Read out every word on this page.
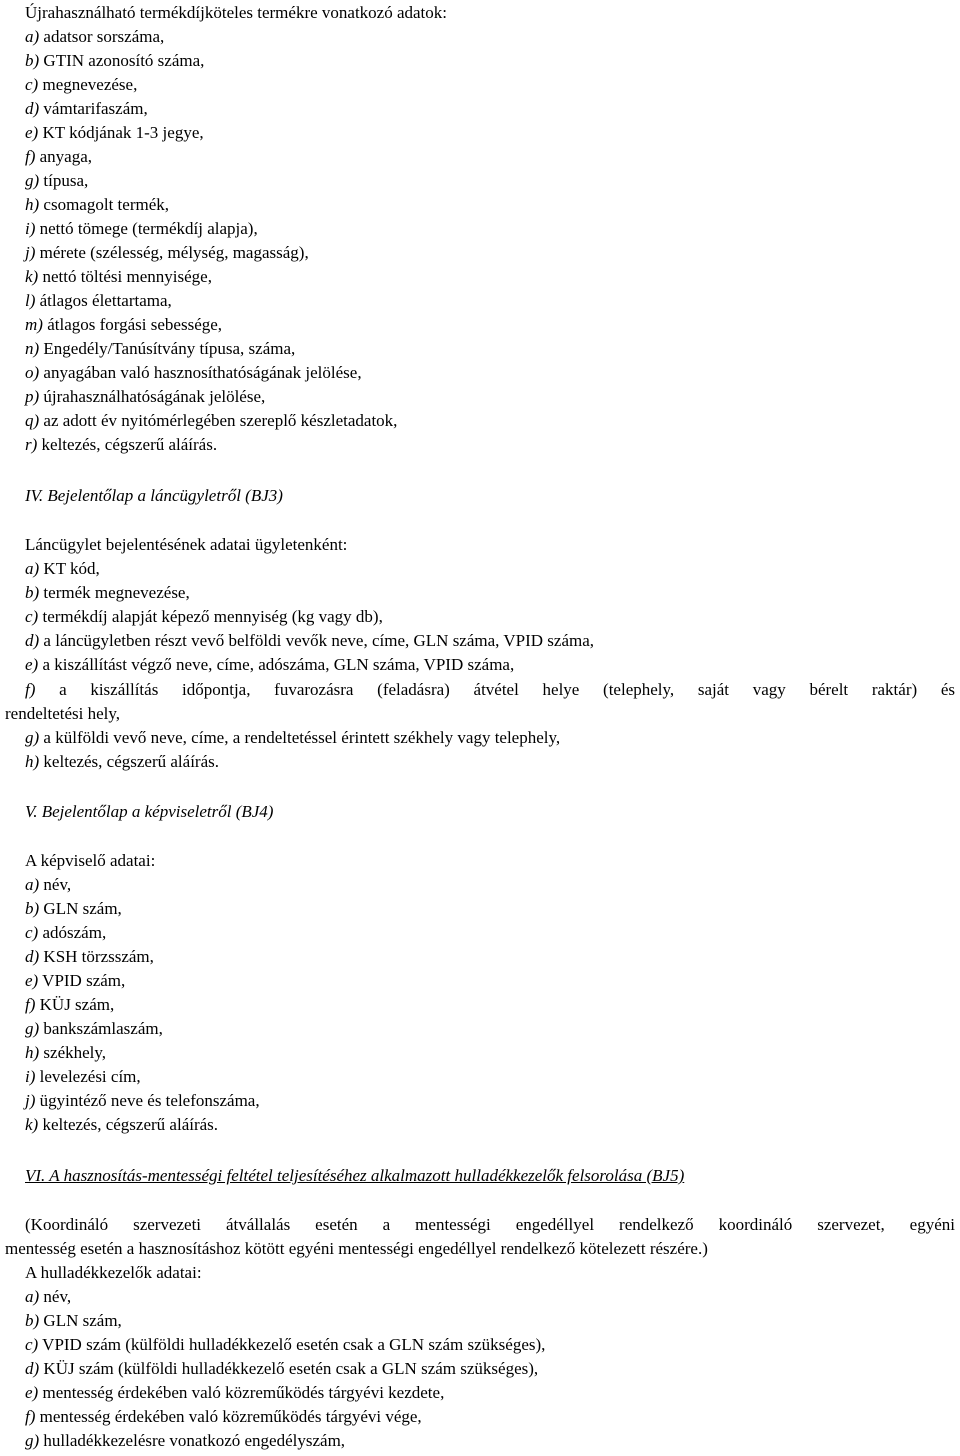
Újrahasználható termékdíjköteles termékre vonatkozó adatok:
a) adatsor sorszáma,
b) GTIN azonosító száma,
c) megnevezése,
d) vámtarifaszám,
e) KT kódjának 1-3 jegye,
f) anyaga,
g) típusa,
h) csomagolt termék,
i) nettó tömege (termékdíj alapja),
j) mérete (szélesség, mélység, magasság),
k) nettó töltési mennyisége,
l) átlagos élettartama,
m) átlagos forgási sebessége,
n) Engedély/Tanúsítvány típusa, száma,
o) anyagában való hasznosíthatóságának jelölése,
p) újrahasználhatóságának jelölése,
q) az adott év nyitómérlegében szereplő készletadatok,
r) keltezés, cégszerű aláírás.
IV. Bejelentőlap a láncügyletről (BJ3)
Láncügylet bejelentésének adatai ügyletenként:
a) KT kód,
b) termék megnevezése,
c) termékdíj alapját képező mennyiség (kg vagy db),
d) a láncügyletben részt vevő belföldi vevők neve, címe, GLN száma, VPID száma,
e) a kiszállítást végző neve, címe, adószáma, GLN száma, VPID száma,
f) a kiszállítás időpontja, fuvarozásra (feladásra) átvétel helye (telephely, saját vagy bérelt raktár) és
rendeltetési hely,
g) a külföldi vevő neve, címe, a rendeltetéssel érintett székhely vagy telephely,
h) keltezés, cégszerű aláírás.
V. Bejelentőlap a képviseletről (BJ4)
A képviselő adatai:
a) név,
b) GLN szám,
c) adószám,
d) KSH törzsszám,
e) VPID szám,
f) KÜJ szám,
g) bankszámlaszám,
h) székhely,
i) levelezési cím,
j) ügyintéző neve és telefonszáma,
k) keltezés, cégszerű aláírás.
VI. A hasznosítás-mentességi feltétel teljesítéséhez alkalmazott hulladékkezelők felsorolása (BJ5)
(Koordináló szervezeti átvállalás esetén a mentességi engedéllyel rendelkező koordináló szervezet, egyéni
mentesség esetén a hasznosításhoz kötött egyéni mentességi engedéllyel rendelkező kötelezett részére.)
A hulladékkezelők adatai:
a) név,
b) GLN szám,
c) VPID szám (külföldi hulladékkezelő esetén csak a GLN szám szükséges),
d) KÜJ szám (külföldi hulladékkezelő esetén csak a GLN szám szükséges),
e) mentesség érdekében való közreműködés tárgyévi kezdete,
f) mentesség érdekében való közreműködés tárgyévi vége,
g) hulladékkezelésre vonatkozó engedélyszám,
